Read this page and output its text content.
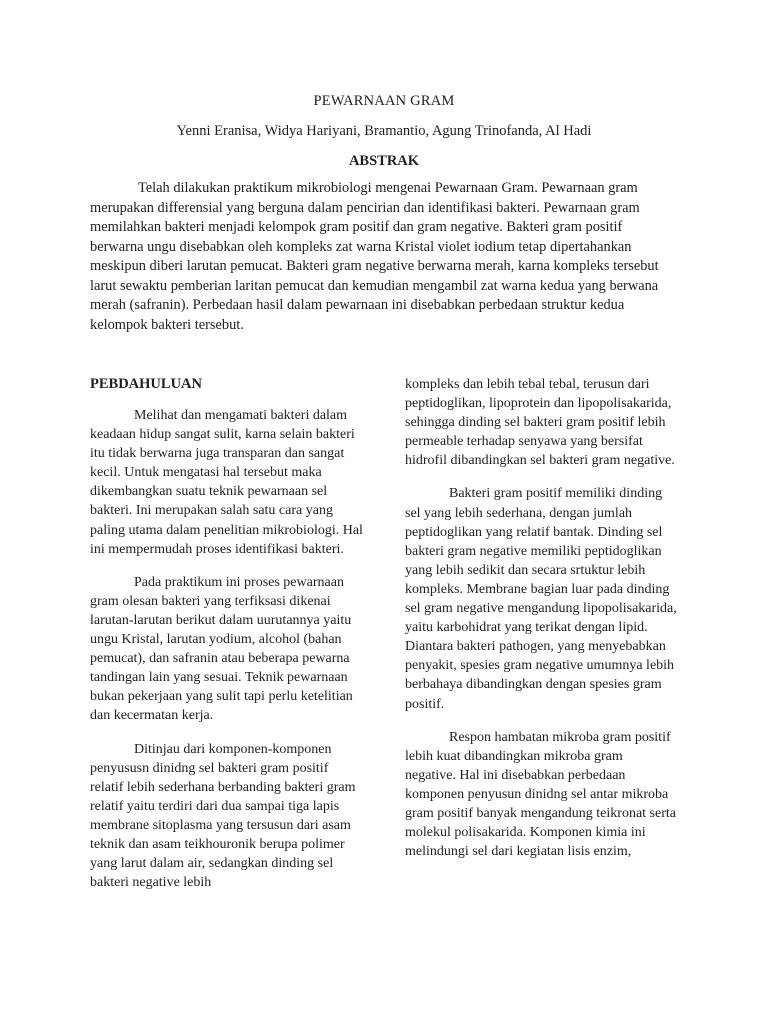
PEWARNAAN GRAM
Yenni Eranisa, Widya Hariyani, Bramantio, Agung Trinofanda, Al Hadi
ABSTRAK

Telah dilakukan praktikum mikrobiologi mengenai Pewarnaan Gram. Pewarnaan gram merupakan differensial yang berguna dalam pencirian dan identifikasi bakteri. Pewarnaan gram memilahkan bakteri menjadi kelompok gram positif dan gram negative. Bakteri gram positif berwarna ungu disebabkan oleh kompleks zat warna Kristal violet iodium tetap dipertahankan meskipun diberi larutan pemucat. Bakteri gram negative berwarna merah, karna kompleks tersebut larut sewaktu pemberian laritan pemucat dan kemudian mengambil zat warna kedua yang berwana merah (safranin). Perbedaan hasil dalam pewarnaan ini disebabkan perbedaan struktur kedua kelompok bakteri tersebut.

PEBDAHULUAN

Melihat dan mengamati bakteri dalam keadaan hidup sangat sulit, karna selain bakteri itu tidak berwarna juga transparan dan sangat kecil. Untuk mengatasi hal tersebut maka dikembangkan suatu teknik pewarnaan sel bakteri. Ini merupakan salah satu cara yang paling utama dalam penelitian mikrobiologi. Hal ini mempermudah proses identifikasi bakteri.

Pada praktikum ini proses pewarnaan gram olesan bakteri yang terfiksasi dikenai larutan-larutan berikut dalam uurutannya yaitu ungu Kristal, larutan yodium, alcohol (bahan pemucat), dan safranin atau beberapa pewarna tandingan lain yang sesuai. Teknik pewarnaan bukan pekerjaan yang sulit tapi perlu ketelitian dan kecermatan kerja.

Ditinjau dari komponen-komponen penyususn dinidng sel bakteri gram positif relatif lebih sederhana berbanding bakteri gram relatif yaitu terdiri dari dua sampai tiga lapis membrane sitoplasma yang tersusun dari asam teknik dan asam teikhouronik berupa polimer yang larut dalam air, sedangkan dinding sel bakteri negative lebih

kompleks dan lebih tebal tebal, terusun dari peptidoglikan, lipoprotein dan lipopolisakarida, sehingga dinding sel bakteri gram positif lebih permeable terhadap senyawa yang bersifat hidrofil dibandingkan sel bakteri gram negative.

Bakteri gram positif memiliki dinding sel yang lebih sederhana, dengan jumlah peptidoglikan yang relatif bantak. Dinding sel bakteri gram negative memiliki peptidoglikan yang lebih sedikit dan secara srtuktur lebih kompleks. Membrane bagian luar pada dinding sel gram negative mengandung lipopolisakarida, yaitu karbohidrat yang terikat dengan lipid. Diantara bakteri pathogen, yang menyebabkan penyakit, spesies gram negative umumnya lebih berbahaya dibandingkan dengan spesies gram positif.

Respon hambatan mikroba gram positif lebih kuat dibandingkan mikroba gram negative. Hal ini disebabkan perbedaan komponen penyusun dinidng sel antar mikroba gram positif banyak mengandung teikronat serta molekul polisakarida. Komponen kimia ini melindungi sel dari kegiatan lisis enzim,
